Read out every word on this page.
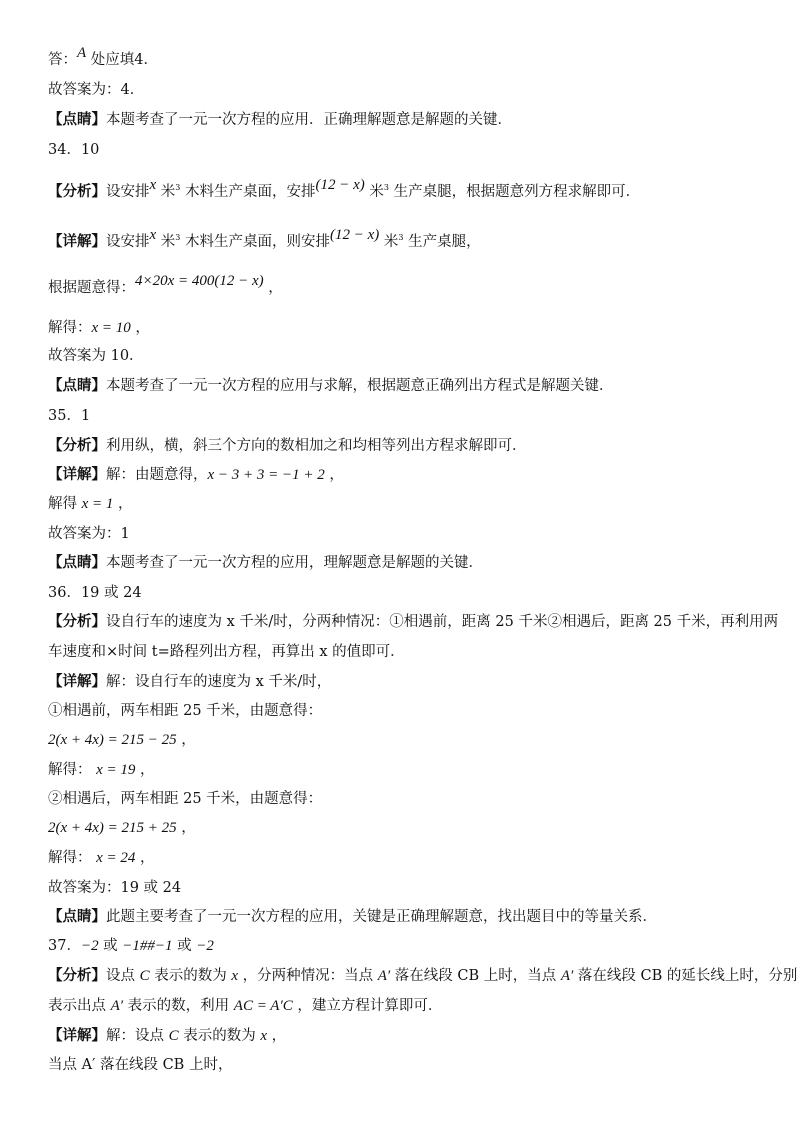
答：A 处应填4．
故答案为：4．
【点睛】本题考查了一元一次方程的应用．正确理解题意是解题的关键．
34．10
【分析】设安排x 米$^3$ 木料生产桌面，安排(12 − x) 米$^3$ 生产桌腿，根据题意列方程求解即可．
【详解】设安排x 米$^3$ 木料生产桌面，则安排(12 − x) 米$^3$ 生产桌腿，
根据题意得：4×20x = 400(12 − x) ，
解得：x = 10 ，
故答案为 10．
【点睛】本题考查了一元一次方程的应用与求解，根据题意正确列出方程式是解题关键．
35．1
【分析】利用纵，横，斜三个方向的数相加之和均相等列出方程求解即可．
【详解】解：由题意得，x − 3 + 3 = −1 + 2 ，
解得 x = 1 ，
故答案为：1
【点睛】本题考查了一元一次方程的应用，理解题意是解题的关键．
36．19 或 24
【分析】设自行车的速度为 x 千米/时，分两种情况：①相遇前，距离 25 千米②相遇后，距离 25 千米，再利用两
车速度和×时间 t=路程列出方程，再算出 x 的值即可．
【详解】解：设自行车的速度为 x 千米/时，
①相遇前，两车相距 25 千米，由题意得：
2(x + 4x) = 215 − 25 ，
解得： x = 19 ，
②相遇后，两车相距 25 千米，由题意得：
2(x + 4x) = 215 + 25 ，
解得： x = 24 ，
故答案为：19 或 24
【点睛】此题主要考查了一元一次方程的应用，关键是正确理解题意，找出题目中的等量关系．
37．−2 或 −1##−1 或 −2
【分析】设点 C 表示的数为 x ，分两种情况：当点 A′ 落在线段 CB 上时，当点 A′ 落在线段 CB 的延长线上时，分别
表示出点 A′ 表示的数，利用 AC = A′C ，建立方程计算即可．
【详解】解：设点 C 表示的数为 x ，
当点 A′ 落在线段 CB 上时，
